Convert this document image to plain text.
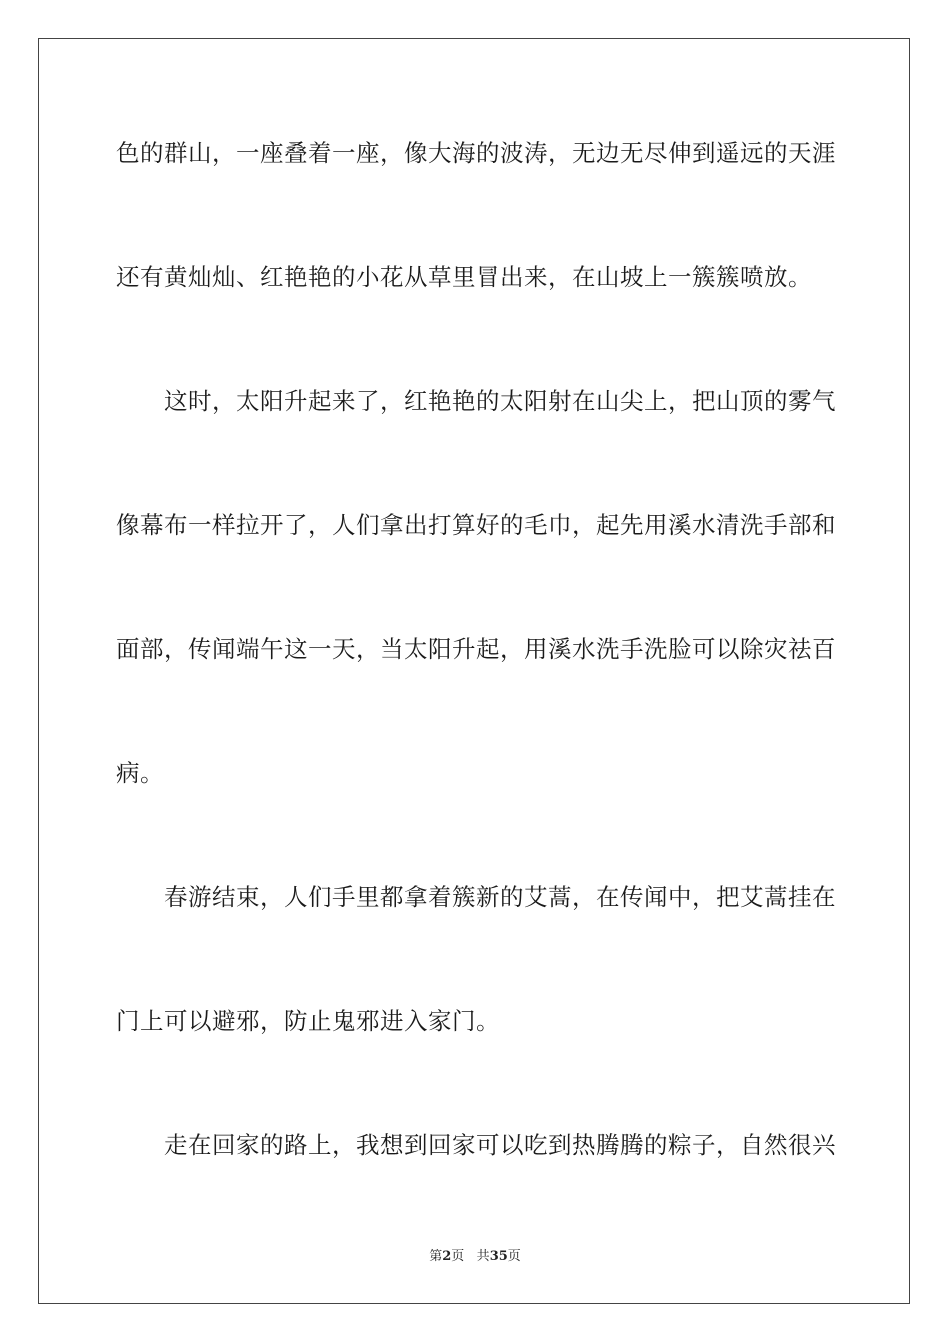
色的群山，一座叠着一座，像大海的波涛，无边无尽伸到遥远的天涯
还有黄灿灿、红艳艳的小花从草里冒出来，在山坡上一簇簇喷放。
这时，太阳升起来了，红艳艳的太阳射在山尖上，把山顶的雾气
像幕布一样拉开了，人们拿出打算好的毛巾，起先用溪水清洗手部和
面部，传闻端午这一天，当太阳升起，用溪水洗手洗脸可以除灾祛百
病。
春游结束，人们手里都拿着簇新的艾蒿，在传闻中，把艾蒿挂在
门上可以避邪，防止鬼邪进入家门。
走在回家的路上，我想到回家可以吃到热腾腾的粽子，自然很兴
第2页 共35页
